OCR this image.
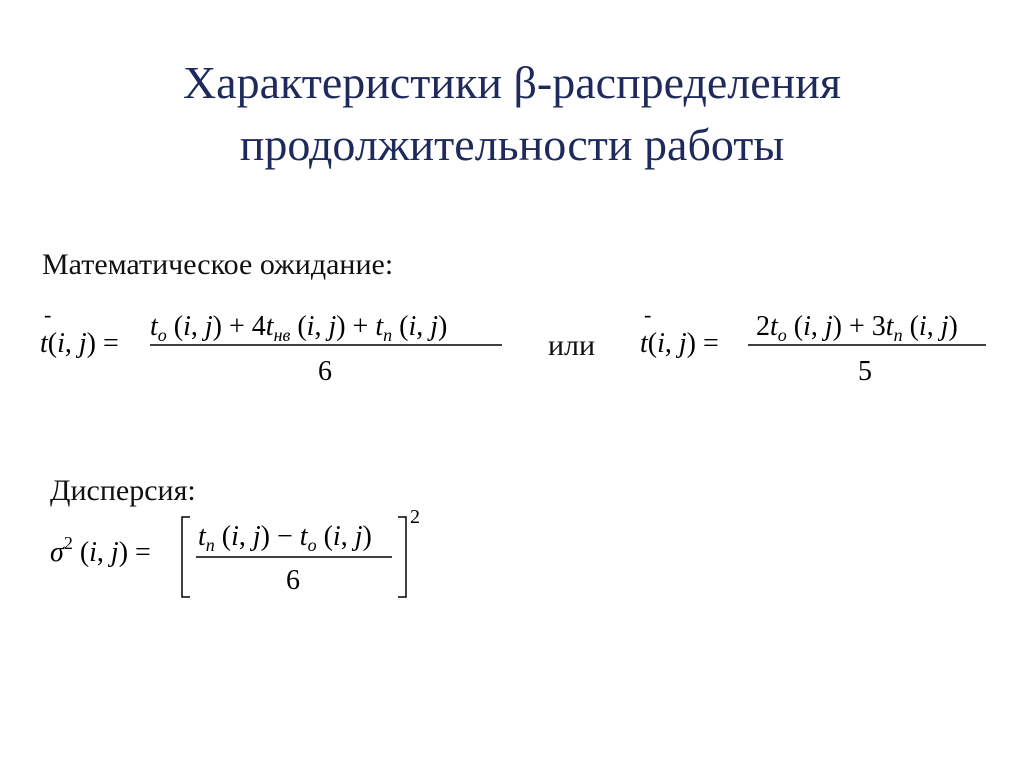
Характеристики β-распределения
продолжительности работы
Математическое ожидание:
-
t(i, j) =
$t_o$ (i, $j) + 4t_{нв}$ (i, $j) + t_п$ (i, j)
6
или
-
t(i, j) =
$2t_o$ (i, $j) + 3t_п$ (i, j)
5
Дисперсия:
$\sigma^2$ (i, j) =
$t_п$ (i, $j) - t_o$ (i, j)
6
2
